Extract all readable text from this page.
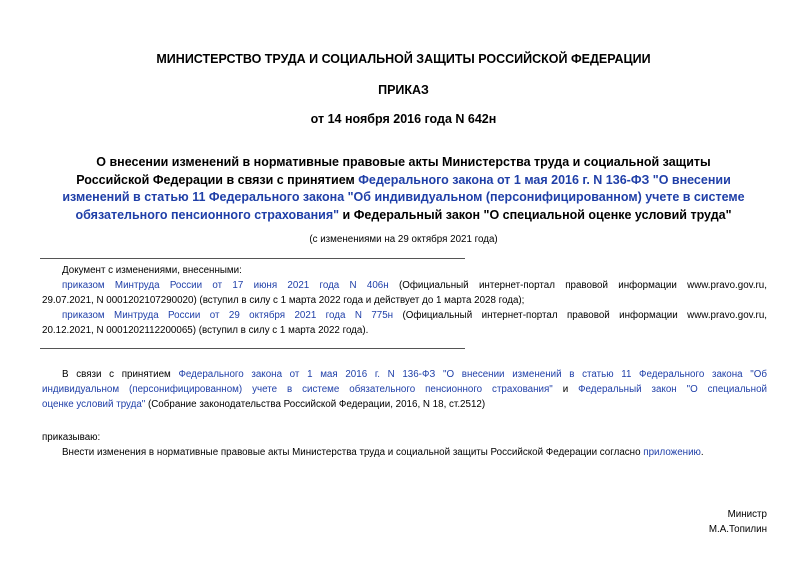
МИНИСТЕРСТВО ТРУДА И СОЦИАЛЬНОЙ ЗАЩИТЫ РОССИЙСКОЙ ФЕДЕРАЦИИ
ПРИКАЗ
от 14 ноября 2016 года N 642н
О внесении изменений в нормативные правовые акты Министерства труда и социальной защиты
Российской Федерации в связи с принятием Федерального закона от 1 мая 2016 г. N 136-ФЗ "О внесении
изменений в статью 11 Федерального закона "Об индивидуальном (персонифицированном) учете в системе
обязательного пенсионного страхования" и Федеральный закон "О специальной оценке условий труда"
(с изменениями на 29 октября 2021 года)
Документ с изменениями, внесенными:
приказом Минтруда России от 17 июня 2021 года N 406н (Официальный интернет-портал правовой информации www.pravo.gov.ru,
29.07.2021, N 0001202107290020) (вступил в силу с 1 марта 2022 года и действует до 1 марта 2028 года);
приказом Минтруда России от 29 октября 2021 года N 775н (Официальный интернет-портал правовой информации www.pravo.gov.ru,
20.12.2021, N 0001202112200065) (вступил в силу с 1 марта 2022 года).
В связи с принятием Федерального закона от 1 мая 2016 г. N 136-ФЗ "О внесении изменений в статью 11 Федерального закона "Об
индивидуальном (персонифицированном) учете в системе обязательного пенсионного страхования" и Федеральный закон "О специальной
оценке условий труда" (Собрание законодательства Российской Федерации, 2016, N 18, ст.2512)
приказываю:
Внести изменения в нормативные правовые акты Министерства труда и социальной защиты Российской Федерации согласно приложению.
Министр
М.А.Топилин
